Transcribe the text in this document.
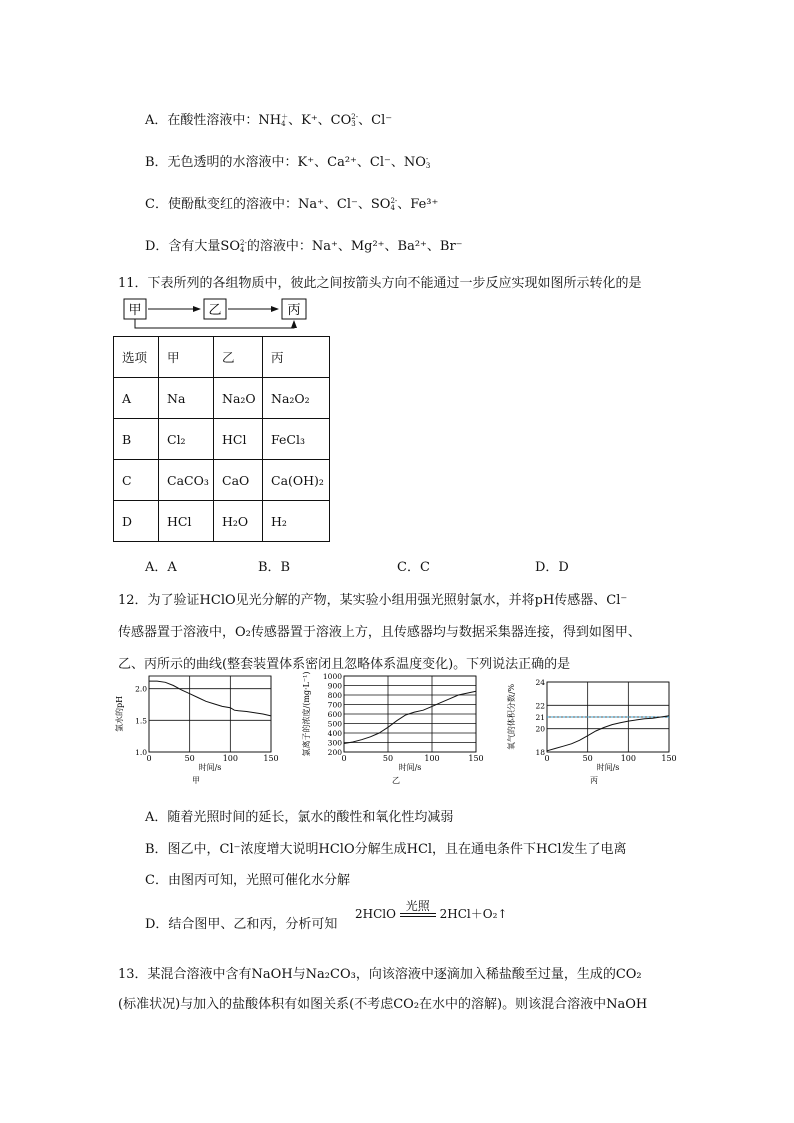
A．在酸性溶液中：NH ＋
4 、K⁺、CO 2-
3 、Cl⁻
B．无色透明的水溶液中：K⁺、Ca²⁺、Cl⁻、NO -
3
C．使酚酞变红的溶液中：Na⁺、Cl⁻、SO 2-
4 、Fe³⁺
D．含有大量SO 2-
4 的溶液中：Na⁺、Mg²⁺、Ba²⁺、Br⁻
11．下表所列的各组物质中，彼此之间按箭头方向不能通过一步反应实现如图所示转化的是
甲	乙	丙
选项	甲	乙	丙
A	Na	Na₂O	Na₂O₂
B	Cl₂	HCl	FeCl₃
C	CaCO₃	CaO	Ca(OH)₂
D	HCl	H₂O	H₂
A．A	B．B	C．C	D．D
12．为了验证HClO见光分解的产物，某实验小组用强光照射氯水，并将pH传感器、Cl⁻
传感器置于溶液中，O₂传感器置于溶液上方，且传感器均与数据采集器连接，得到如图甲、
乙、丙所示的曲线(整套装置体系密闭且忽略体系温度变化)。下列说法正确的是
0	50	100	150
1.0
1.5
2.0
时间/s
氯水的pH
甲
0	50	100	150
200
300
400
500
600
700
800
900
1000
时间/s
氯离子的浓度/(mg·L⁻¹)
乙
0	50	100	150
18
20
21
22
24
时间/s
氧气的体积分数/%
丙
A．随着光照时间的延长，氯水的酸性和氧化性均减弱
B．图乙中，Cl⁻浓度增大说明HClO分解生成HCl，且在通电条件下HCl发生了电离
C．由图丙可知，光照可催化水分解
D．结合图甲、乙和丙，分析可知
2HClO
光照
2HCl＋O₂↑
13．某混合溶液中含有NaOH与Na₂CO₃，向该溶液中逐滴加入稀盐酸至过量，生成的CO₂
(标准状况)与加入的盐酸体积有如图关系(不考虑CO₂在水中的溶解)。则该混合溶液中NaOH
